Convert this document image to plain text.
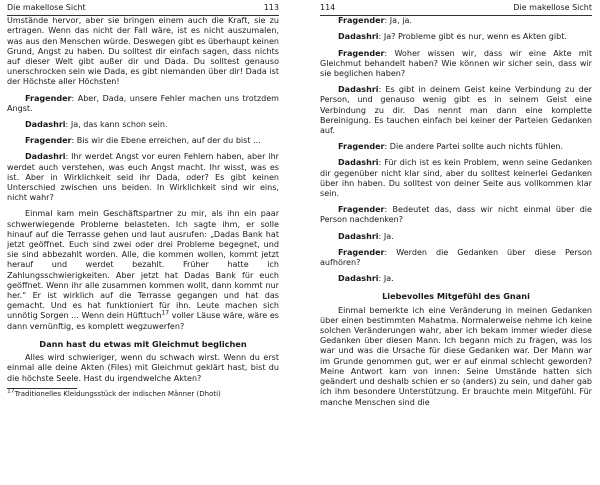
Die makellose Sicht	113

Umstände hervor, aber sie bringen einem auch die Kraft, sie zu ertragen. Wenn das nicht der Fall wäre, ist es nicht auszumalen, was aus den Menschen würde. Deswegen gibt es überhaupt keinen Grund, Angst zu haben. Du solltest dir einfach sagen, dass nichts auf dieser Welt gibt außer dir und Dada. Du solltest genauso unerschrocken sein wie Dada, es gibt niemanden über dir! Dada ist der Höchste aller Höchsten!

Fragender: Aber, Dada, unsere Fehler machen uns trotzdem Angst.

Dadashri: Ja, das kann schon sein.

Fragender: Bis wir die Ebene erreichen, auf der du bist ...

Dadashri: Ihr werdet Angst vor euren Fehlern haben, aber ihr werdet auch verstehen, was euch Angst macht. Ihr wisst, was es ist. Aber in Wirklichkeit seid ihr Dada, oder? Es gibt keinen Unterschied zwischen uns beiden. In Wirklichkeit sind wir eins, nicht wahr?

Einmal kam mein Geschäftspartner zu mir, als ihn ein paar schwerwiegende Probleme belasteten. Ich sagte ihm, er solle hinauf auf die Terrasse gehen und laut ausrufen: „Dadas Bank hat jetzt geöffnet. Euch sind zwei oder drei Probleme begegnet, und sie sind abbezahlt worden. Alle, die kommen wollen, kommt jetzt herauf und werdet bezahlt. Früher hatte ich Zahlungsschwierigkeiten. Aber jetzt hat Dadas Bank für euch geöffnet. Wenn ihr alle zusammen kommen wollt, dann kommt nur her.“ Er ist wirklich auf die Terrasse gegangen und hat das gemacht. Und es hat funktioniert für ihn. Leute machen sich unnötig Sorgen ... Wenn dein Hüfttuch$^{17}$ voller Läuse wäre, wäre es dann vernünftig, es komplett wegzuwerfen?

Dann hast du etwas mit Gleichmut beglichen

Alles wird schwieriger, wenn du schwach wirst. Wenn du erst einmal alle deine Akten (Files) mit Gleichmut geklärt hast, bist du die höchste Seele. Hast du irgendwelche Akten?

$^{17}$Traditionelles Kleidungsstück der indischen Männer (Dhoti)

114	Die makellose Sicht

Fragender: Ja, ja.

Dadashri: Ja? Probleme gibt es nur, wenn es Akten gibt.

Fragender: Woher wissen wir, dass wir eine Akte mit Gleichmut behandelt haben? Wie können wir sicher sein, dass wir sie beglichen haben?

Dadashri: Es gibt in deinem Geist keine Verbindung zu der Person, und genauso wenig gibt es in seinem Geist eine Verbindung zu dir. Das nennt man dann eine komplette Bereinigung. Es tauchen einfach bei keiner der Parteien Gedanken auf.

Fragender: Die andere Partei sollte auch nichts fühlen.

Dadashri: Für dich ist es kein Problem, wenn seine Gedanken dir gegenüber nicht klar sind, aber du solltest keinerlei Gedanken über ihn haben. Du solltest von deiner Seite aus vollkommen klar sein.

Fragender: Bedeutet das, dass wir nicht einmal über die Person nachdenken?

Dadashri: Ja.

Fragender: Werden die Gedanken über diese Person aufhören?

Dadashri: Ja.

Liebevolles Mitgefühl des Gnani

Einmal bemerkte ich eine Veränderung in meinen Gedanken über einen bestimmten Mahatma. Normalerweise nehme ich keine solchen Veränderungen wahr, aber ich bekam immer wieder diese Gedanken über diesen Mann. Ich begann mich zu fragen, was los war und was die Ursache für diese Gedanken war. Der Mann war im Grunde genommen gut, wer er auf einmal schlecht geworden? Meine Antwort kam von innen: Seine Umstände hatten sich geändert und deshalb schien er so (anders) zu sein, und daher gab ich ihm besondere Unterstützung. Er brauchte mein Mitgefühl. Für manche Menschen sind die
